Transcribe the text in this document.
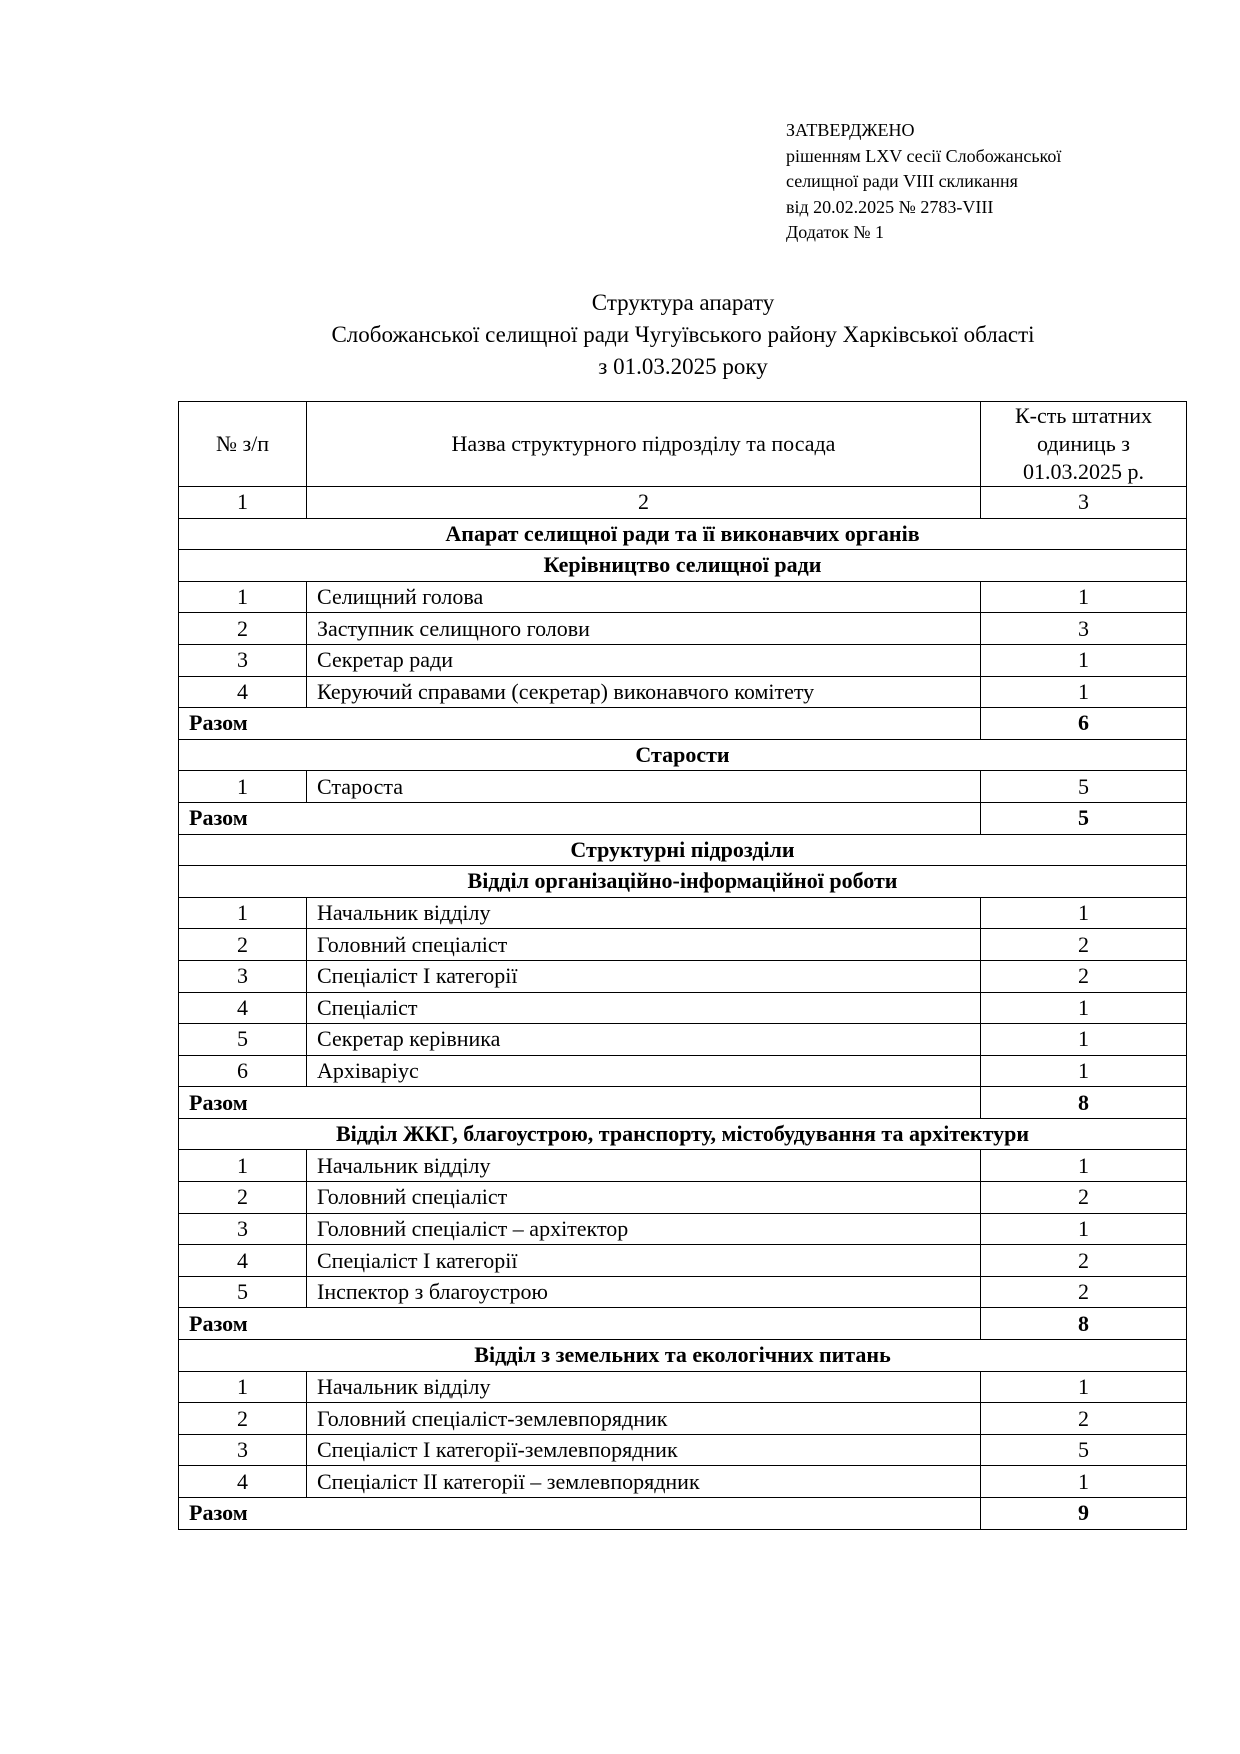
ЗАТВЕРДЖЕНО
рішенням LXV сесії Слобожанської
селищної ради VIII скликання
від 20.02.2025 № 2783-VIII
Додаток № 1
Структура апарату
Слобожанської селищної ради Чугуївського району Харківської області
з 01.03.2025 року
№ з/п	Назва структурного підрозділу та посада	К-сть штатних
одиниць з
01.03.2025 р.
1	2	3
Апарат селищної ради та її виконавчих органів		
Керівництво селищної ради		
1	Селищний голова	1
2	Заступник селищного голови	3
3	Секретар ради	1
4	Керуючий справами (секретар) виконавчого комітету	1
Разом		6
Старости		
1	Староста	5
Разом		5
Структурні підрозділи		
Відділ організаційно-інформаційної роботи		
1	Начальник відділу	1
2	Головний спеціаліст	2
3	Спеціаліст І категорії	2
4	Спеціаліст	1
5	Секретар керівника	1
6	Архіваріус	1
Разом		8
Відділ ЖКГ, благоустрою, транспорту, містобудування та архітектури		
1	Начальник відділу	1
2	Головний спеціаліст	2
3	Головний спеціаліст – архітектор	1
4	Спеціаліст І категорії	2
5	Інспектор з благоустрою	2
Разом		8
Відділ з земельних та екологічних питань		
1	Начальник відділу	1
2	Головний спеціаліст-землевпорядник	2
3	Спеціаліст І категорії-землевпорядник	5
4	Спеціаліст ІІ категорії – землевпорядник	1
Разом		9
